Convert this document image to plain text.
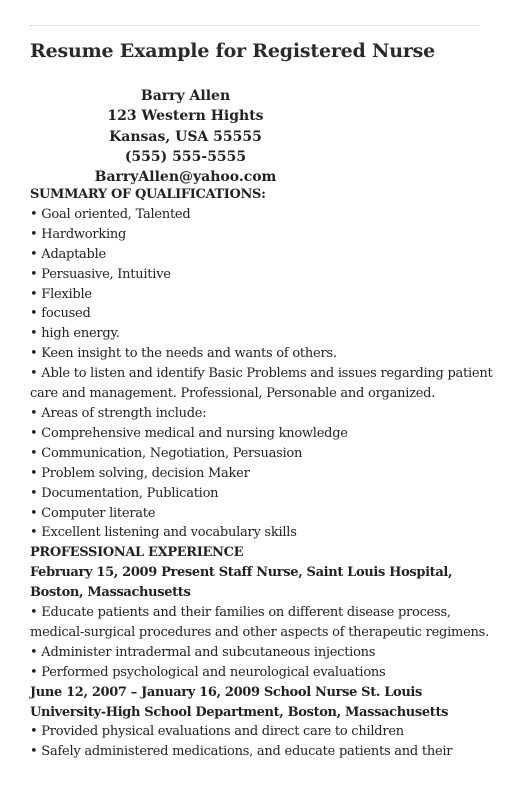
Resume Example for Registered Nurse
Barry Allen
123 Western Hights
Kansas, USA 55555
(555) 555-5555
BarryAllen@yahoo.com
SUMMARY OF QUALIFICATIONS:
• Goal oriented, Talented
• Hardworking
• Adaptable
• Persuasive, Intuitive
• Flexible
• focused
• high energy.
• Keen insight to the needs and wants of others.
• Able to listen and identify Basic Problems and issues regarding patient
care and management. Professional, Personable and organized.
• Areas of strength include:
• Comprehensive medical and nursing knowledge
• Communication, Negotiation, Persuasion
• Problem solving, decision Maker
• Documentation, Publication
• Computer literate
• Excellent listening and vocabulary skills
PROFESSIONAL EXPERIENCE
February 15, 2009 Present Staff Nurse, Saint Louis Hospital,
Boston, Massachusetts
• Educate patients and their families on different disease process,
medical-surgical procedures and other aspects of therapeutic regimens.
• Administer intradermal and subcutaneous injections
• Performed psychological and neurological evaluations
June 12, 2007 – January 16, 2009 School Nurse St. Louis
University-High School Department, Boston, Massachusetts
• Provided physical evaluations and direct care to children
• Safely administered medications, and educate patients and their
